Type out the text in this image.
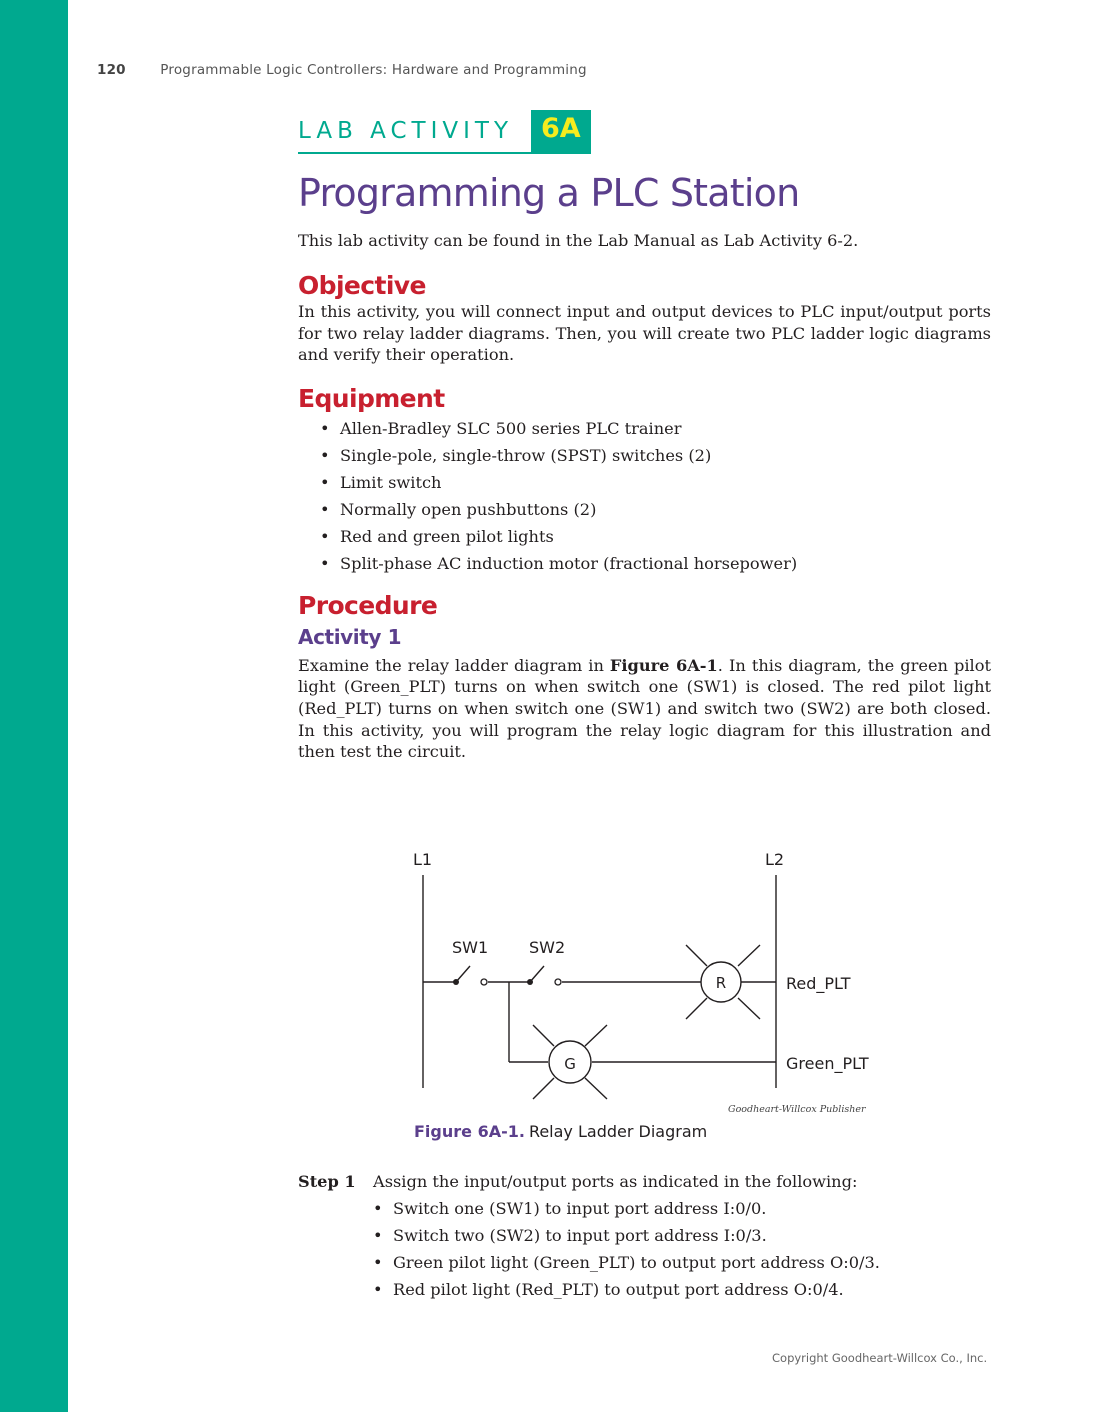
120	Programmable Logic Controllers: Hardware and Programming
LAB ACTIVITY	6A
Programming a PLC Station

This lab activity can be found in the Lab Manual as Lab Activity 6-2.

Objective

In this activity, you will connect input and output devices to PLC input/output ports for two relay ladder diagrams. Then, you will create two PLC ladder logic diagrams and verify their operation.

Equipment
• Allen-Bradley SLC 500 series PLC trainer
• Single-pole, single-throw (SPST) switches (2)
• Limit switch
• Normally open pushbuttons (2)
• Red and green pilot lights
• Split-phase AC induction motor (fractional horsepower)
Procedure
Activity 1

Examine the relay ladder diagram in Figure 6A-1. In this diagram, the green pilot light (Green_PLT) turns on when switch one (SW1) is closed. The red pilot light (Red_PLT) turns on when switch one (SW1) and switch two (SW2) are both closed. In this activity, you will program the relay logic diagram for this illustration and then test the circuit.

L1	L2
SW1	SW2
R
G
Red_PLT
Green_PLT
Goodheart-Willcox Publisher
Figure 6A-1. Relay Ladder Diagram
Step 1 Assign the input/output ports as indicated in the following:
• Switch one (SW1) to input port address I:0/0.
• Switch two (SW2) to input port address I:0/3.
• Green pilot light (Green_PLT) to output port address O:0/3.
• Red pilot light (Red_PLT) to output port address O:0/4.
Copyright Goodheart-Willcox Co., Inc.
